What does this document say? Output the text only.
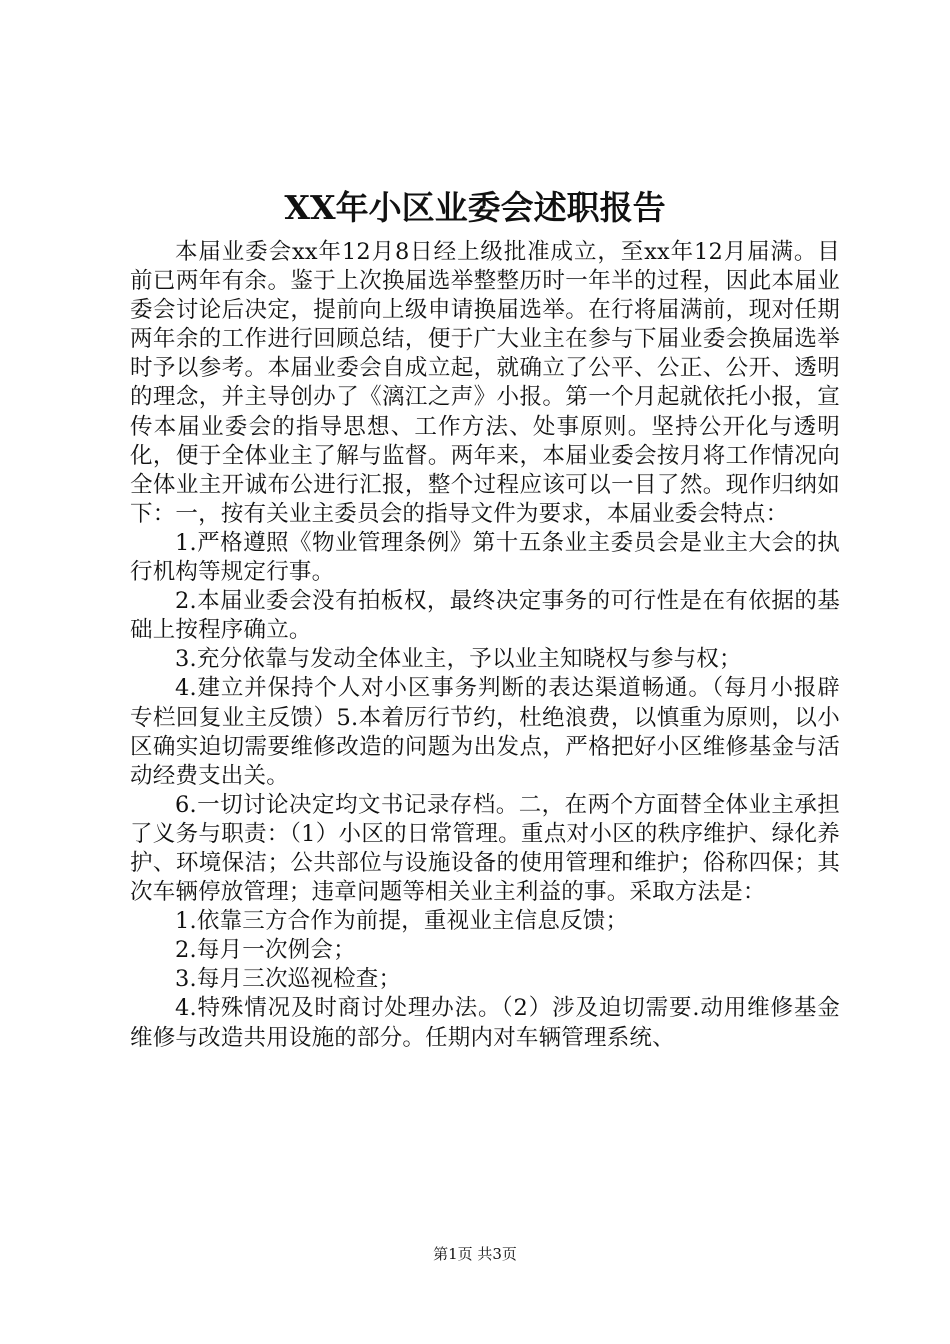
XX年小区业委会述职报告

本届业委会xx年12月8日经上级批准成立，至xx年12月届满。目前已两年有余。鉴于上次换届选举整整历时一年半的过程，因此本届业委会讨论后决定，提前向上级申请换届选举。在行将届满前，现对任期两年余的工作进行回顾总结，便于广大业主在参与下届业委会换届选举时予以参考。本届业委会自成立起，就确立了公平、公正、公开、透明的理念，并主导创办了《漓江之声》小报。第一个月起就依托小报，宣传本届业委会的指导思想、工作方法、处事原则。坚持公开化与透明化，便于全体业主了解与监督。两年来，本届业委会按月将工作情况向全体业主开诚布公进行汇报，整个过程应该可以一目了然。现作归纳如下：一，按有关业主委员会的指导文件为要求，本届业委会特点：

1.严格遵照《物业管理条例》第十五条业主委员会是业主大会的执行机构等规定行事。

2.本届业委会没有拍板权，最终决定事务的可行性是在有依据的基础上按程序确立。

3.充分依靠与发动全体业主，予以业主知晓权与参与权；

4.建立并保持个人对小区事务判断的表达渠道畅通。（每月小报辟专栏回复业主反馈）5.本着厉行节约，杜绝浪费，以慎重为原则，以小区确实迫切需要维修改造的问题为出发点，严格把好小区维修基金与活动经费支出关。

6.一切讨论决定均文书记录存档。二，在两个方面替全体业主承担了义务与职责：（1）小区的日常管理。重点对小区的秩序维护、绿化养护、环境保洁；公共部位与设施设备的使用管理和维护；俗称四保；其次车辆停放管理；违章问题等相关业主利益的事。采取方法是：

1.依靠三方合作为前提，重视业主信息反馈；

2.每月一次例会；

3.每月三次巡视检查；

4.特殊情况及时商讨处理办法。（2）涉及迫切需要.动用维修基金维修与改造共用设施的部分。任期内对车辆管理系统、

第1页 共3页
